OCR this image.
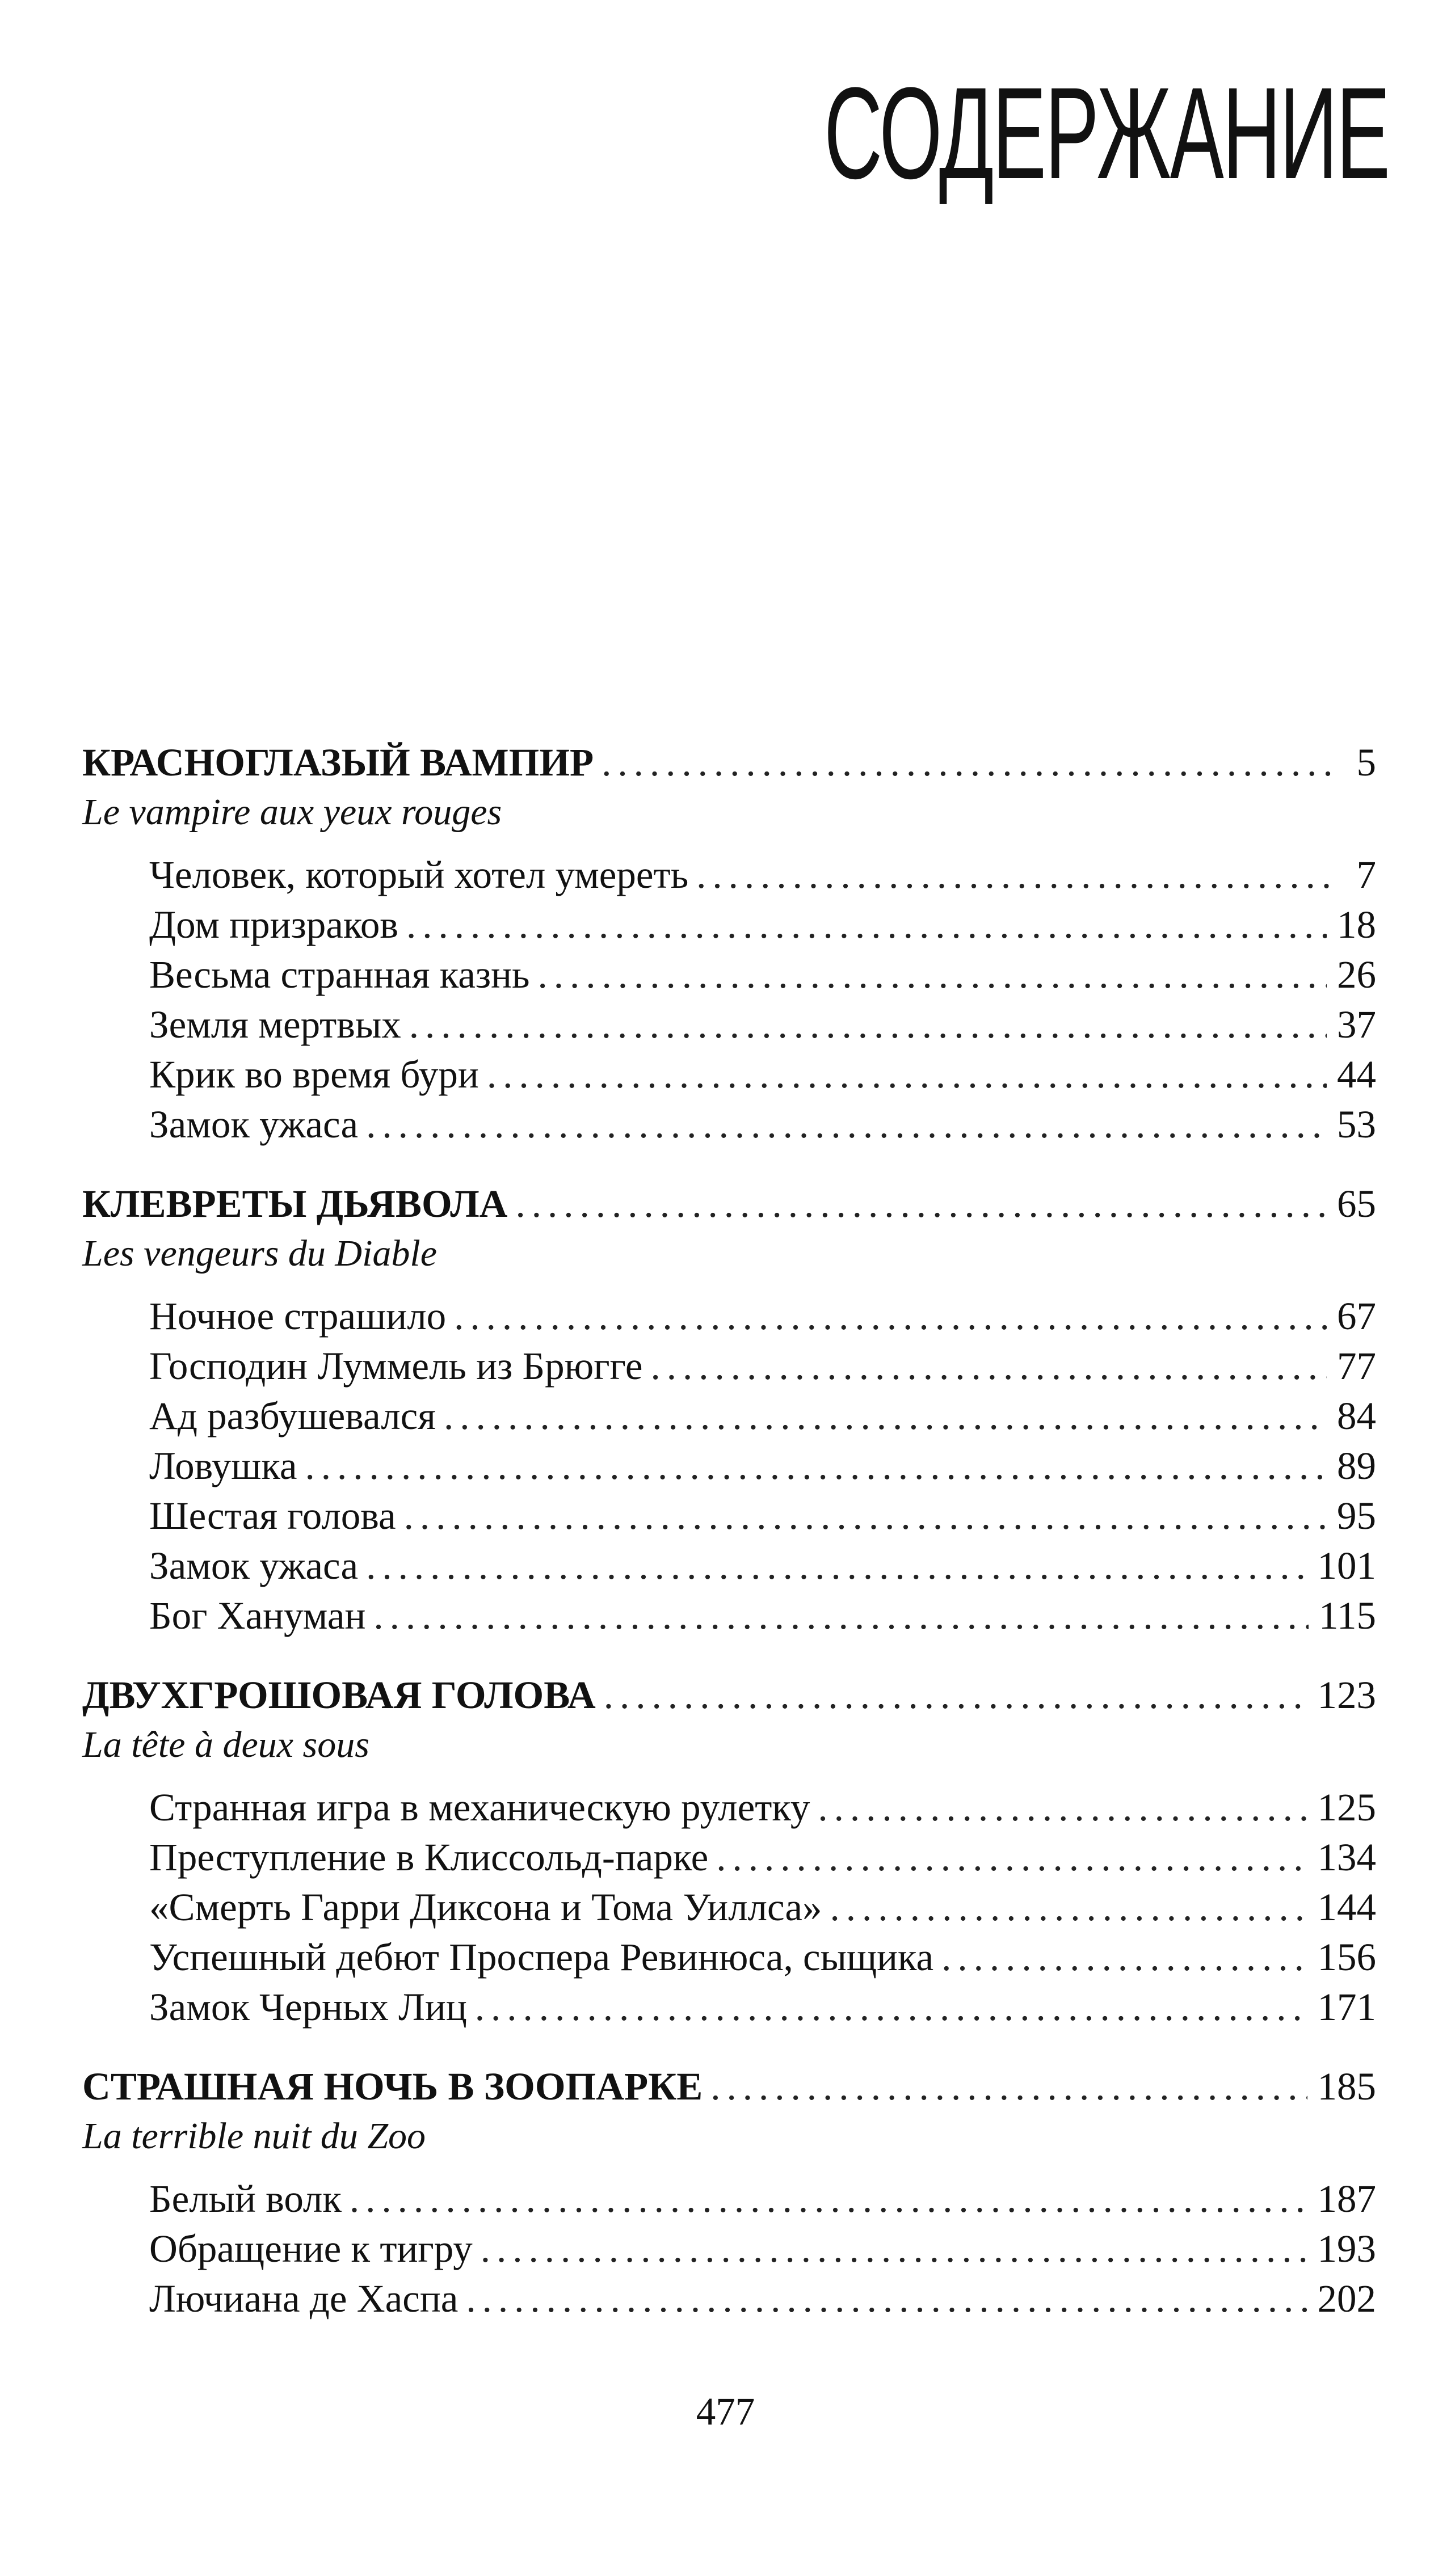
СОДЕРЖАНИЕ
КРАСНОГЛАЗЫЙ ВАМПИР .....	5
Le vampire aux yeux rouges
Человек, который хотел умереть .....	7
Дом призраков .....	18
Весьма странная казнь .....	26
Земля мертвых .....	37
Крик во время бури .....	44
Замок ужаса .....	53
КЛЕВРЕТЫ ДЬЯВОЛА .....	65
Les vengeurs du Diable
Ночное страшило .....	67
Господин Луммель из Брюгге .....	77
Ад разбушевался .....	84
Ловушка .....	89
Шестая голова .....	95
Замок ужаса .....	101
Бог Хануман .....	115
ДВУХГРОШОВАЯ ГОЛОВА .....	123
La tête à deux sous
Странная игра в механическую рулетку .....	125
Преступление в Клиссольд-парке .....	134
«Смерть Гарри Диксона и Тома Уиллса» .....	144
Успешный дебют Проспера Ревинюса, сыщика .....	156
Замок Черных Лиц .....	171
СТРАШНАЯ НОЧЬ В ЗООПАРКЕ .....	185
La terrible nuit du Zoo
Белый волк .....	187
Обращение к тигру .....	193
Лючиана де Хаспа .....	202
477
